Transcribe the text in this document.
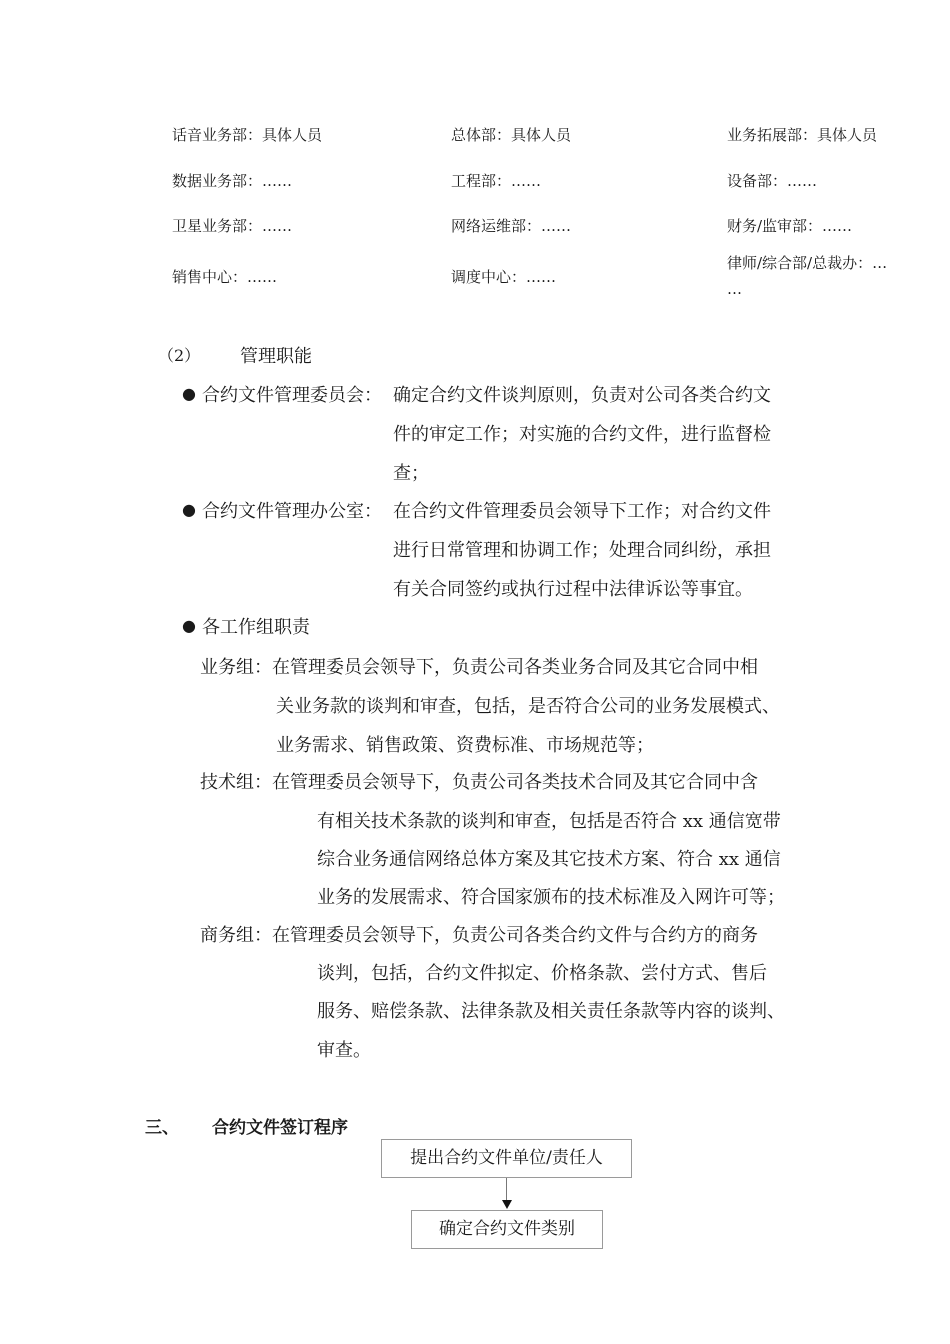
话音业务部：具体人员
数据业务部：……
卫星业务部：……
销售中心：……
总体部：具体人员
工程部：……
网络运维部：……
调度中心：……
业务拓展部：具体人员
设备部：……
财务/监审部：……
律师/综合部/总裁办：…
…
（2） 管理职能
● 合约文件管理委员会： 确定合约文件谈判原则，负责对公司各类合约文
件的审定工作；对实施的合约文件，进行监督检
查；
● 合约文件管理办公室： 在合约文件管理委员会领导下工作；对合约文件
进行日常管理和协调工作；处理合同纠纷，承担
有关合同签约或执行过程中法律诉讼等事宜。
● 各工作组职责
业务组：在管理委员会领导下，负责公司各类业务合同及其它合同中相
关业务款的谈判和审查，包括，是否符合公司的业务发展模式、
业务需求、销售政策、资费标准、市场规范等；
技术组：在管理委员会领导下，负责公司各类技术合同及其它合同中含
有相关技术条款的谈判和审查，包括是否符合 xx 通信宽带
综合业务通信网络总体方案及其它技术方案、符合 xx 通信
业务的发展需求、符合国家颁布的技术标准及入网许可等；
商务组：在管理委员会领导下，负责公司各类合约文件与合约方的商务
谈判，包括，合约文件拟定、价格条款、尝付方式、售后
服务、赔偿条款、法律条款及相关责任条款等内容的谈判、
审查。
三、 合约文件签订程序
提出合约文件单位/责任人
确定合约文件类别
